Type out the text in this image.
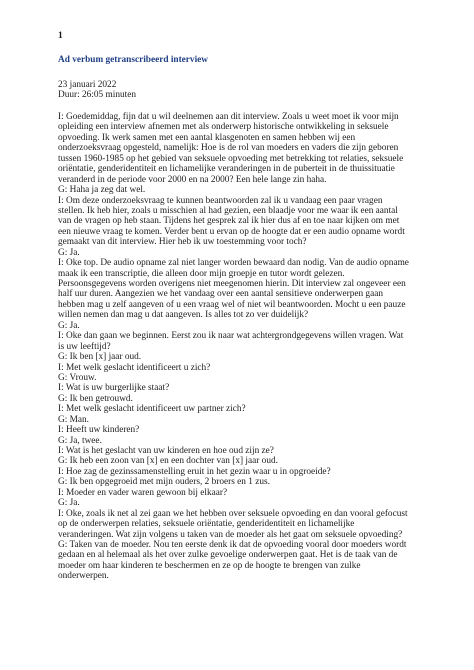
1
Ad verbum getranscribeerd interview
23 januari 2022
Duur: 26:05 minuten
I: Goedemiddag, fijn dat u wil deelnemen aan dit interview. Zoals u weet moet ik voor mijn
opleiding een interview afnemen met als onderwerp historische ontwikkeling in seksuele
opvoeding. Ik werk samen met een aantal klasgenoten en samen hebben wij een
onderzoeksvraag opgesteld, namelijk: Hoe is de rol van moeders en vaders die zijn geboren
tussen 1960-1985 op het gebied van seksuele opvoeding met betrekking tot relaties, seksuele
oriëntatie, genderidentiteit en lichamelijke veranderingen in de puberteit in de thuissituatie
veranderd in de periode voor 2000 en na 2000? Een hele lange zin haha.
G: Haha ja zeg dat wel.
I: Om deze onderzoeksvraag te kunnen beantwoorden zal ik u vandaag een paar vragen
stellen. Ik heb hier, zoals u misschien al had gezien, een blaadje voor me waar ik een aantal
van de vragen op heb staan. Tijdens het gesprek zal ik hier dus af en toe naar kijken om met
een nieuwe vraag te komen. Verder bent u ervan op de hoogte dat er een audio opname wordt
gemaakt van dit interview. Hier heb ik uw toestemming voor toch?
G: Ja.
I: Oke top. De audio opname zal niet langer worden bewaard dan nodig. Van de audio opname
maak ik een transcriptie, die alleen door mijn groepje en tutor wordt gelezen.
Persoonsgegevens worden overigens niet meegenomen hierin. Dit interview zal ongeveer een
half uur duren. Aangezien we het vandaag over een aantal sensitieve onderwerpen gaan
hebben mag u zelf aangeven of u een vraag wel of niet wil beantwoorden. Mocht u een pauze
willen nemen dan mag u dat aangeven. Is alles tot zo ver duidelijk?
G: Ja.
I: Oke dan gaan we beginnen. Eerst zou ik naar wat achtergrondgegevens willen vragen. Wat
is uw leeftijd?
G: Ik ben [x] jaar oud.
I: Met welk geslacht identificeert u zich?
G: Vrouw.
I: Wat is uw burgerlijke staat?
G: Ik ben getrouwd.
I: Met welk geslacht identificeert uw partner zich?
G: Man.
I: Heeft uw kinderen?
G: Ja, twee.
I: Wat is het geslacht van uw kinderen en hoe oud zijn ze?
G: Ik heb een zoon van [x] en een dochter van [x] jaar oud.
I: Hoe zag de gezinssamenstelling eruit in het gezin waar u in opgroeide?
G: Ik ben opgegroeid met mijn ouders, 2 broers en 1 zus.
I: Moeder en vader waren gewoon bij elkaar?
G: Ja.
I: Oke, zoals ik net al zei gaan we het hebben over seksuele opvoeding en dan vooral gefocust
op de onderwerpen relaties, seksuele oriëntatie, genderidentiteit en lichamelijke
veranderingen. Wat zijn volgens u taken van de moeder als het gaat om seksuele opvoeding?
G: Taken van de moeder. Nou ten eerste denk ik dat de opvoeding vooral door moeders wordt
gedaan en al helemaal als het over zulke gevoelige onderwerpen gaat. Het is de taak van de
moeder om haar kinderen te beschermen en ze op de hoogte te brengen van zulke
onderwerpen.
